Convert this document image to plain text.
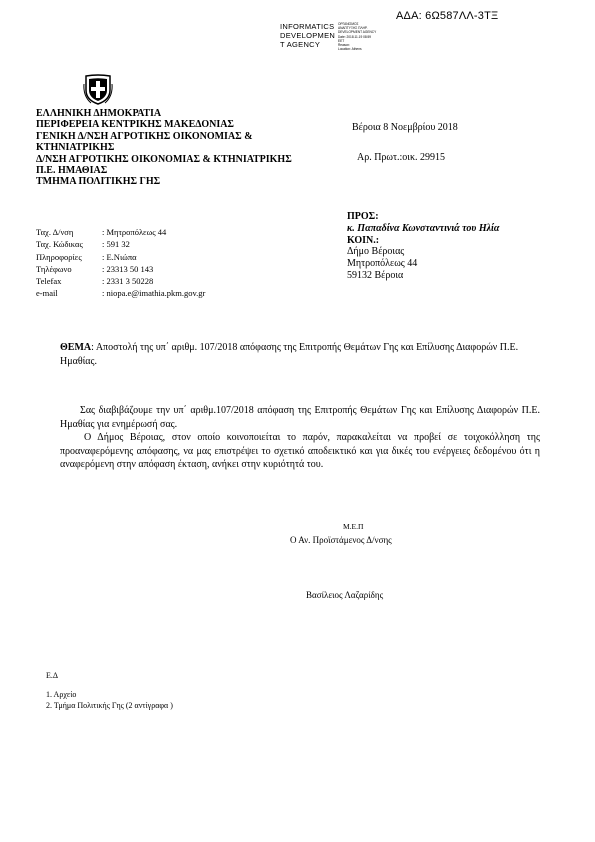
ΑΔΑ: 6Ω587ΛΛ-3ΤΞ
INFORMATICS
DEVELOPMEN
T AGENCY
ΟΡΓΑΝΙΣΜΟΣ
ΑΝΑΠΤΥΞΗΣ ΠΛΗΡ.
DEVELOPMENT AGENCY
Date: 2018.11.19 08:59
EET
Reason:
Location: Athens
ΕΛΛΗΝΙΚΗ ΔΗΜΟΚΡΑΤΙΑ
ΠΕΡΙΦΕΡΕΙΑ ΚΕΝΤΡΙΚΗΣ ΜΑΚΕΔΟΝΙΑΣ
ΓΕΝΙΚΗ Δ/ΝΣΗ ΑΓΡΟΤΙΚΗΣ ΟΙΚΟΝΟΜΙΑΣ &
ΚΤΗΝΙΑΤΡΙΚΗΣ
Δ/ΝΣΗ ΑΓΡΟΤΙΚΗΣ ΟΙΚΟΝΟΜΙΑΣ & ΚΤΗΝΙΑΤΡΙΚΗΣ
Π.Ε. ΗΜΑΘΙΑΣ
ΤΜΗΜΑ ΠΟΛΙΤΙΚΗΣ ΓΗΣ
Βέροια 8 Νοεμβρίου 2018
Αρ. Πρωτ.:οικ. 29915
Ταχ. Δ/νση	: Μητροπόλεως 44
Ταχ. Κώδικας	: 591 32
Πληροφορίες	: Ε.Νιώπα
Τηλέφωνο	: 23313 50 143
Telefax	: 2331 3 50228
e-mail	: niopa.e@imathia.pkm.gov.gr
ΠΡΟΣ:
κ. Παπαδίνα Κωνσταντινιά του Ηλία
ΚΟΙΝ.:
Δήμο Βέροιας
Μητροπόλεως 44
59132 Βέροια
ΘΕΜΑ: Αποστολή της υπ΄ αριθμ. 107/2018 απόφασης της Επιτροπής Θεμάτων Γης και Επίλυσης Διαφορών Π.Ε. Ημαθίας.

Σας διαβιβάζουμε την υπ΄ αριθμ.107/2018 απόφαση της Επιτροπής Θεμάτων Γης και Επίλυσης Διαφορών Π.Ε. Ημαθίας για ενημέρωσή σας.

Ο Δήμος Βέροιας, στον οποίο κοινοποιείται το παρόν, παρακαλείται να προβεί σε τοιχοκόλληση της προαναφερόμενης απόφασης, να μας επιστρέψει το σχετικό αποδεικτικό και για δικές του ενέργειες δεδομένου ότι η αναφερόμενη στην απόφαση έκταση, ανήκει στην κυριότητά του.

Μ.Ε.Π
Ο Αν. Προϊστάμενος Δ/νσης
Βασίλειος Λαζαρίδης
Ε.Δ
1. Αρχείο
2. Τμήμα Πολιτικής Γης (2 αντίγραφα )
